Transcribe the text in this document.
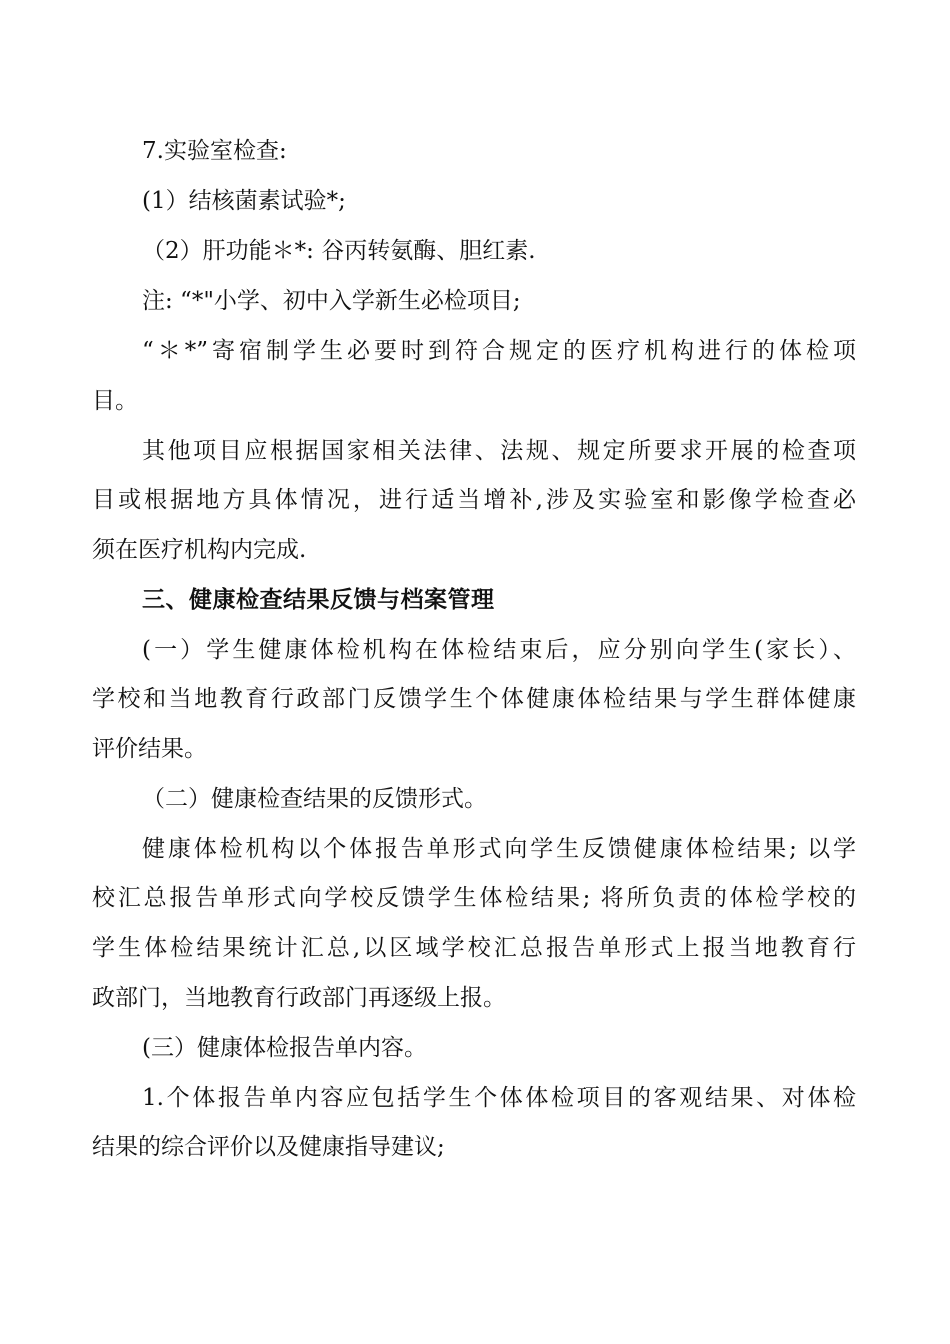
7.实验室检查:
(1）结核菌素试验*;
（2）肝功能＊*: 谷丙转氨酶、胆红素.
注: “*"小学、初中入学新生必检项目;
“＊*”寄宿制学生必要时到符合规定的医疗机构进行的体检项
目。
其他项目应根据国家相关法律、法规、规定所要求开展的检查项
目或根据地方具体情况，进行适当增补,涉及实验室和影像学检查必
须在医疗机构内完成.
三、健康检查结果反馈与档案管理
(一）学生健康体检机构在体检结束后，应分别向学生(家长）、
学校和当地教育行政部门反馈学生个体健康体检结果与学生群体健康
评价结果。
（二）健康检查结果的反馈形式。
健康体检机构以个体报告单形式向学生反馈健康体检结果; 以学
校汇总报告单形式向学校反馈学生体检结果; 将所负责的体检学校的
学生体检结果统计汇总,以区域学校汇总报告单形式上报当地教育行
政部门，当地教育行政部门再逐级上报。
(三）健康体检报告单内容。
1.个体报告单内容应包括学生个体体检项目的客观结果、对体检
结果的综合评价以及健康指导建议;
